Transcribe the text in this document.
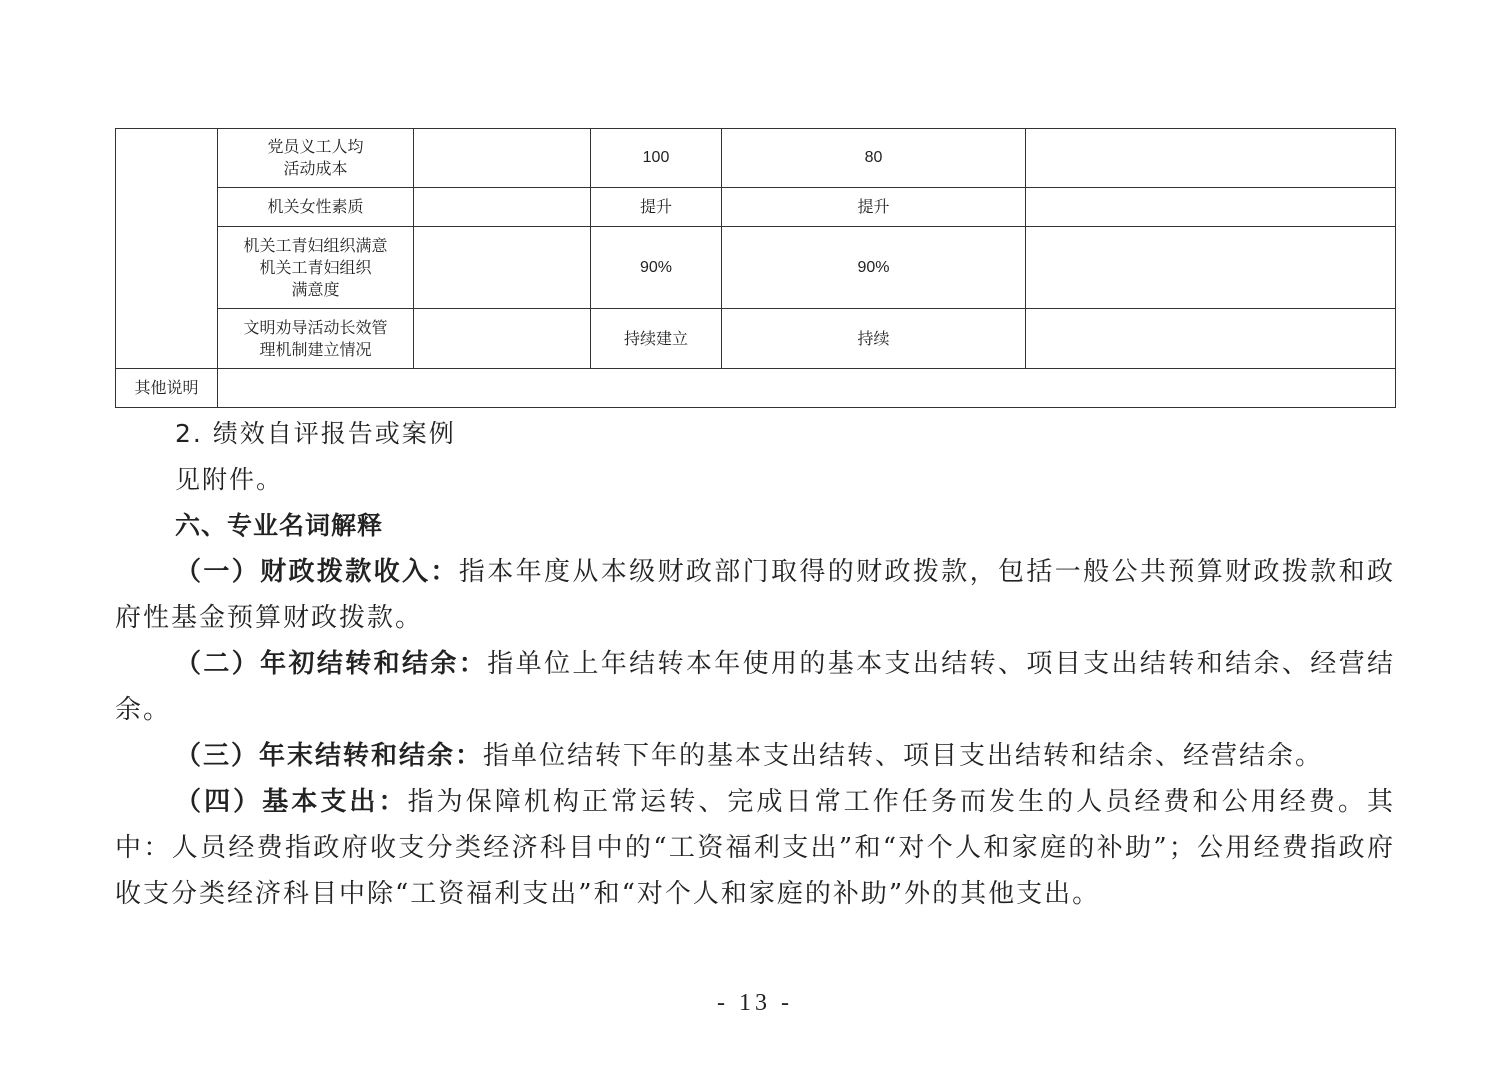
	党员义工人均
活动成本		100	80	
	机关女性素质		提升	提升	
	机关工青妇组织满意
机关工青妇组织
满意度		90%	90%	
	文明劝导活动长效管
理机制建立情况		持续建立	持续	
其他说明					

2. 绩效自评报告或案例

见附件。

六、专业名词解释

（一）财政拨款收入：指本年度从本级财政部门取得的财政拨款，包括一般公共预算财政拨款和政府性基金预算财政拨款。

（二）年初结转和结余：指单位上年结转本年使用的基本支出结转、项目支出结转和结余、经营结余。

（三）年末结转和结余：指单位结转下年的基本支出结转、项目支出结转和结余、经营结余。

（四）基本支出：指为保障机构正常运转、完成日常工作任务而发生的人员经费和公用经费。其中：人员经费指政府收支分类经济科目中的“工资福利支出”和“对个人和家庭的补助”；公用经费指政府收支分类经济科目中除“工资福利支出”和“对个人和家庭的补助”外的其他支出。

- 13 -
